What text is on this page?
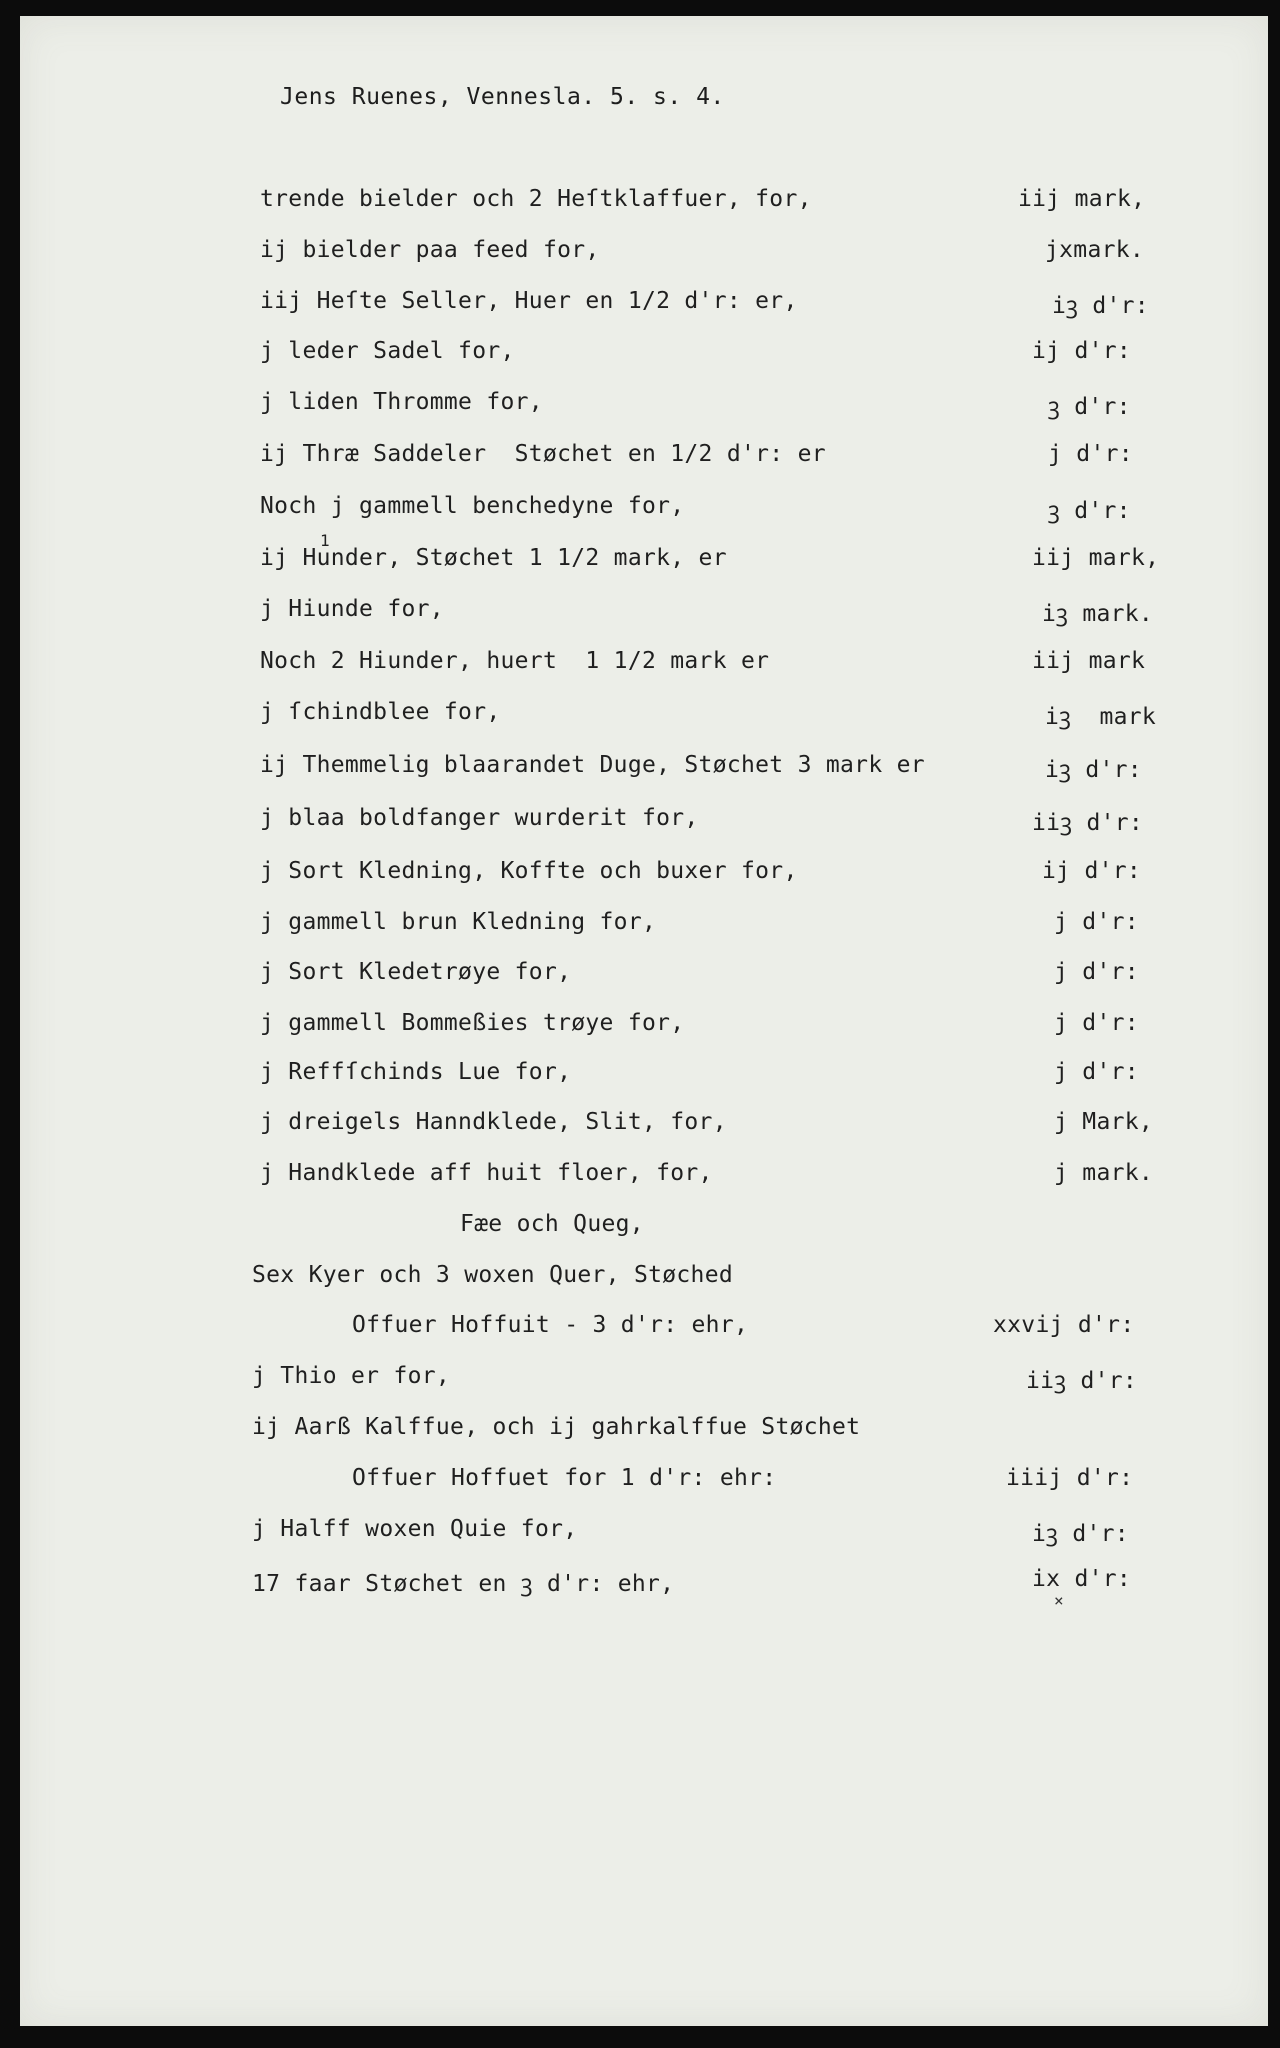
Jens Ruenes, Vennesla. 5. s. 4.
1
trende bielder och 2 Heſtklaffuer, for,	iij mark,
ij bielder paa feed for,	jxmark.
iij Heſte Seller, Huer en 1/2 d'r: er,	iꝫ d'r:
j leder Sadel for,	ij d'r:
j liden Thromme for,	ꝫ d'r:
ij Thræ Saddeler  Støchet en 1/2 d'r: er	j d'r:
Noch j gammell benchedyne for,	ꝫ d'r:
ij Hunder, Støchet 1 1/2 mark, er	iij mark,
j Hiunde for,	iꝫ mark.
Noch 2 Hiunder, huert  1 1/2 mark er	iij mark
j ſchindblee for,	iꝫ  mark
ij Themmelig blaarandet Duge, Støchet 3 mark er	iꝫ d'r:
j blaa boldfanger wurderit for,	iiꝫ d'r:
j Sort Kledning, Koffte och buxer for,	ij d'r:
j gammell brun Kledning for,	j d'r:
j Sort Kledetrøye for,	j d'r:
j gammell Bommeßies trøye for,	j d'r:
j Reffſchinds Lue for,	j d'r:
j dreigels Hanndklede, Slit, for,	j Mark,
j Handklede aff huit floer, for,	j mark.
Fæe och Queg,
Sex Kyer och 3 woxen Quer, Støched
Offuer Hoffuit - 3 d'r: ehr,	xxvij d'r:
j Thio er for,	iiꝫ d'r:
ij Aarß Kalffue, och ij gahrkalffue Støchet
Offuer Hoffuet for 1 d'r: ehr:	iiij d'r:
j Halff woxen Quie for,	iꝫ d'r:
17 faar Støchet en ꝫ d'r: ehr,	ix d'r:
×
